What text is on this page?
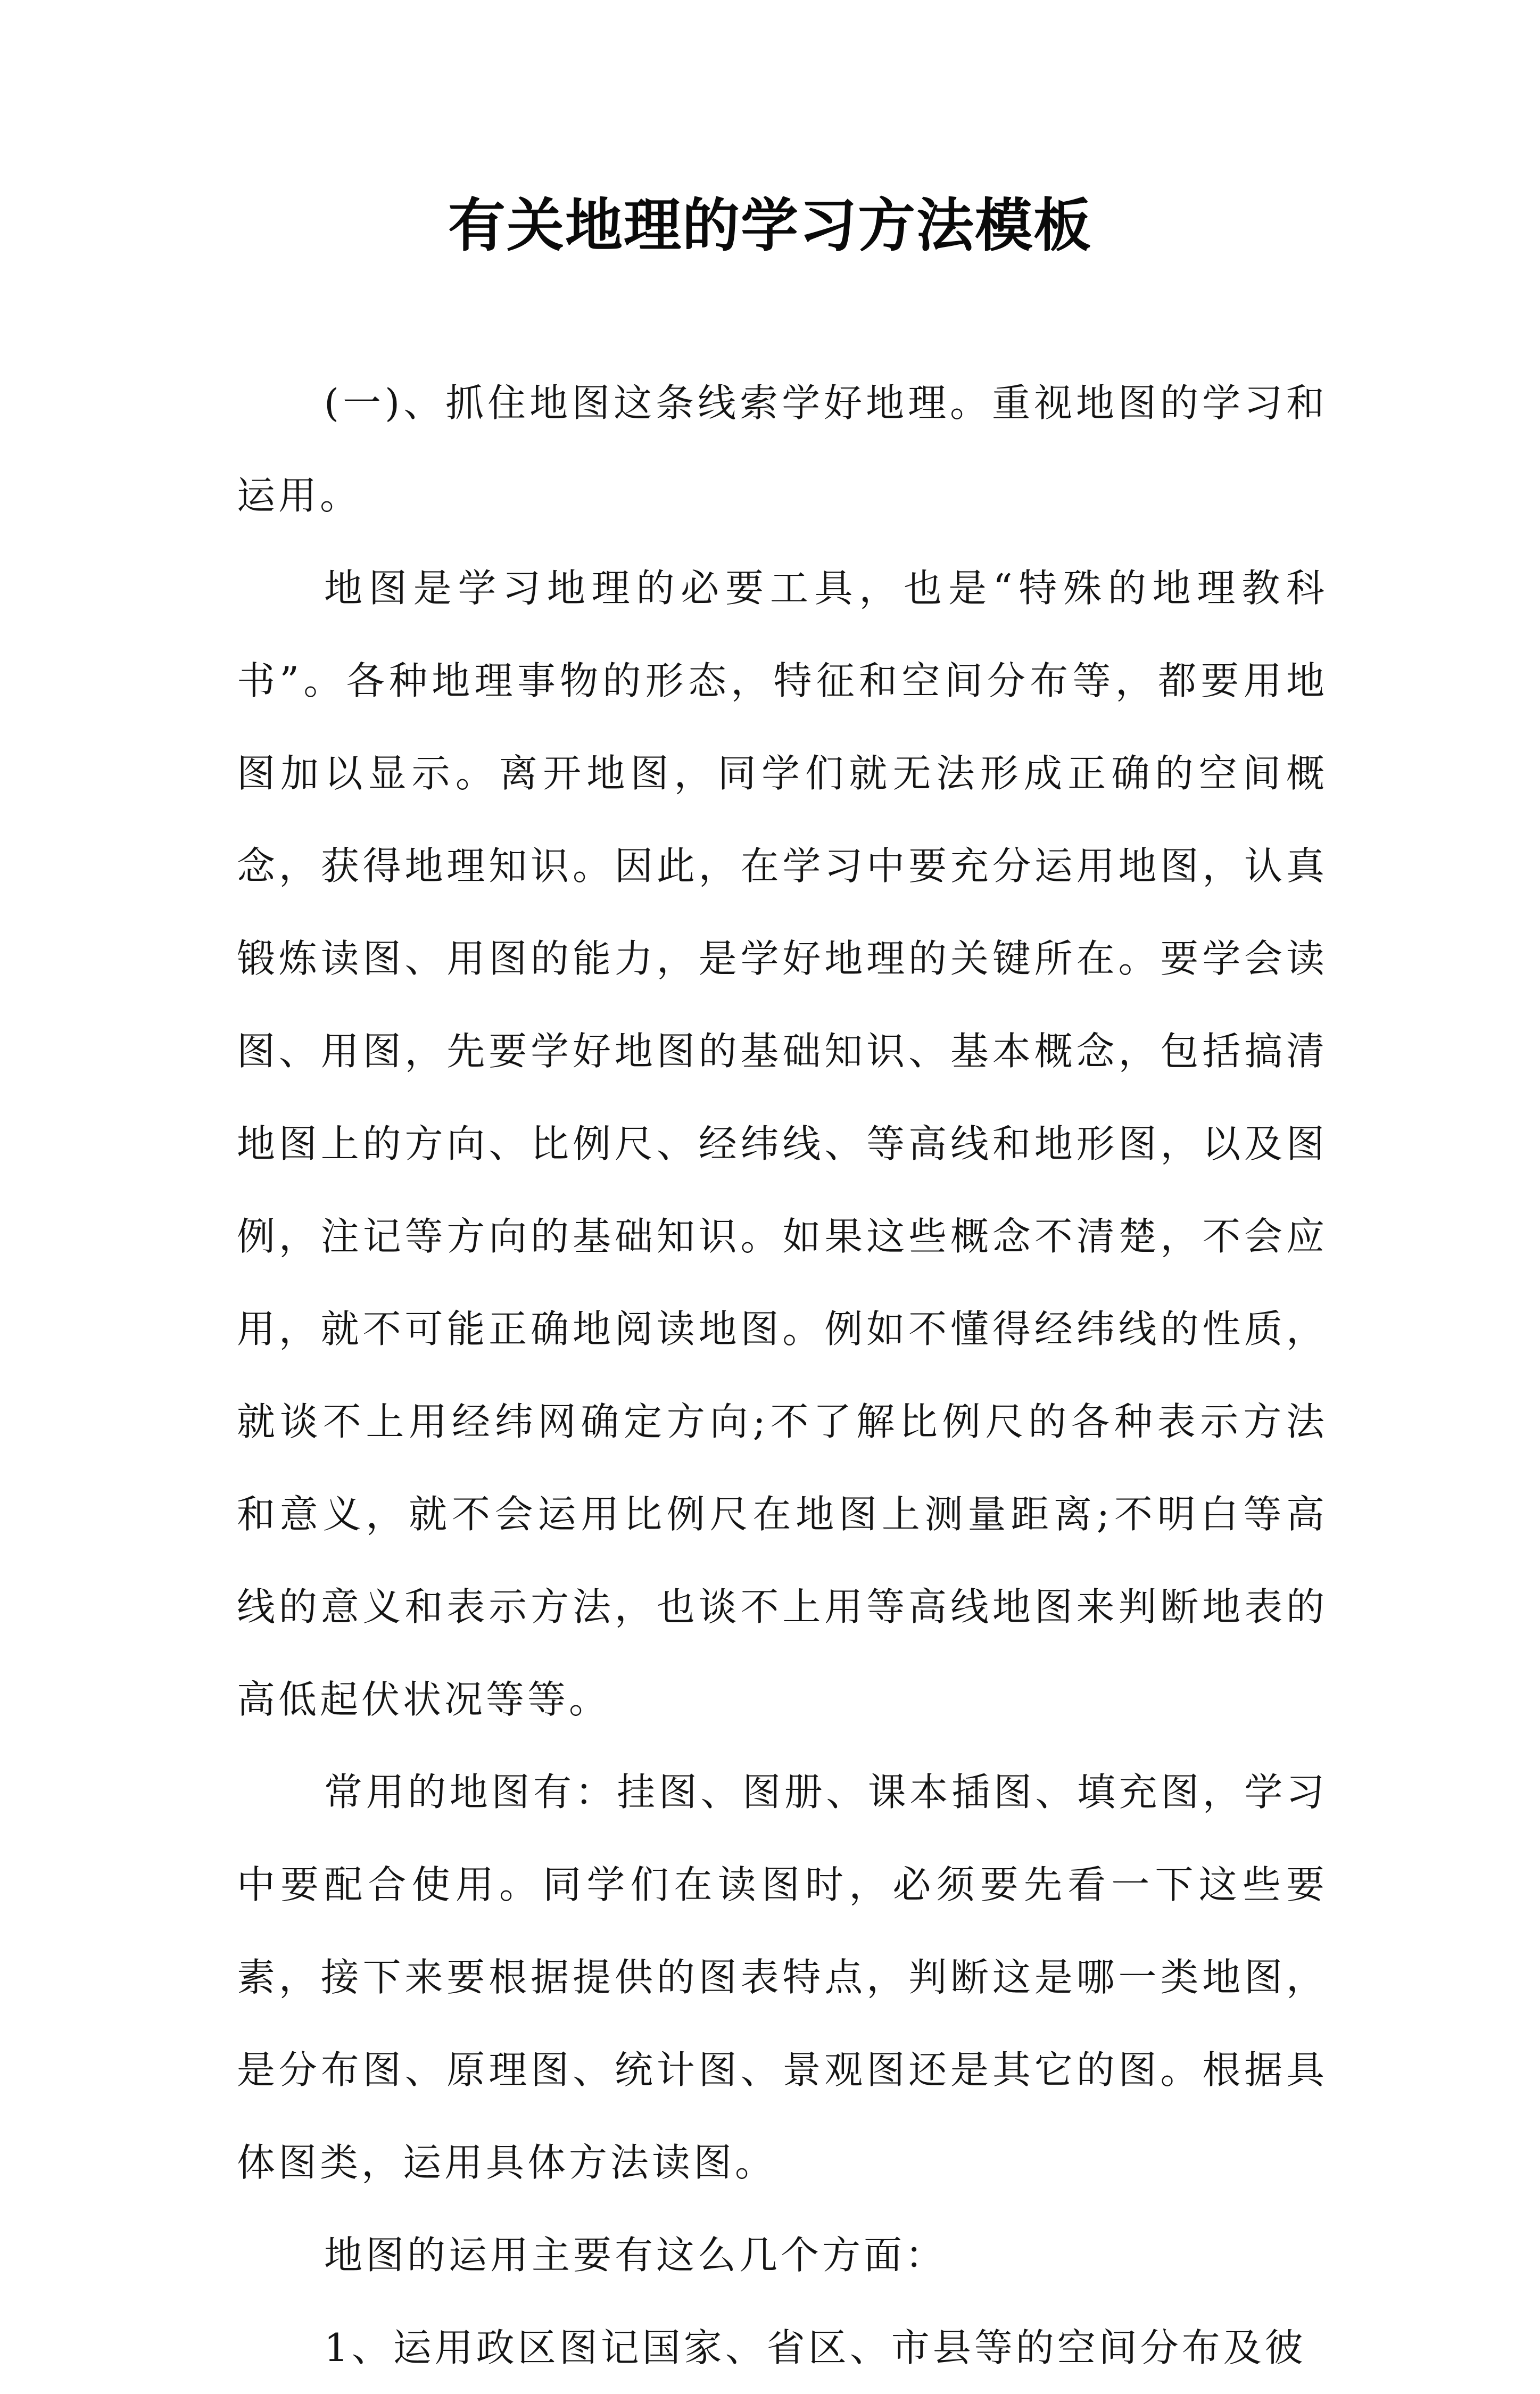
有关地理的学习方法模板

(一)、抓住地图这条线索学好地理。重视地图的学习和运用。

地图是学习地理的必要工具，也是“特殊的地理教科书”。各种地理事物的形态，特征和空间分布等，都要用地图加以显示。离开地图，同学们就无法形成正确的空间概念，获得地理知识。因此，在学习中要充分运用地图，认真锻炼读图、用图的能力，是学好地理的关键所在。要学会读图、用图，先要学好地图的基础知识、基本概念，包括搞清地图上的方向、比例尺、经纬线、等高线和地形图，以及图例，注记等方向的基础知识。如果这些概念不清楚，不会应用，就不可能正确地阅读地图。例如不懂得经纬线的性质，就谈不上用经纬网确定方向;不了解比例尺的各种表示方法和意义，就不会运用比例尺在地图上测量距离;不明白等高线的意义和表示方法，也谈不上用等高线地图来判断地表的高低起伏状况等等。

常用的地图有：挂图、图册、课本插图、填充图，学习中要配合使用。同学们在读图时，必须要先看一下这些要素，接下来要根据提供的图表特点，判断这是哪一类地图，是分布图、原理图、统计图、景观图还是其它的图。根据具体图类，运用具体方法读图。

地图的运用主要有这么几个方面：

1、运用政区图记国家、省区、市县等的空间分布及彼
